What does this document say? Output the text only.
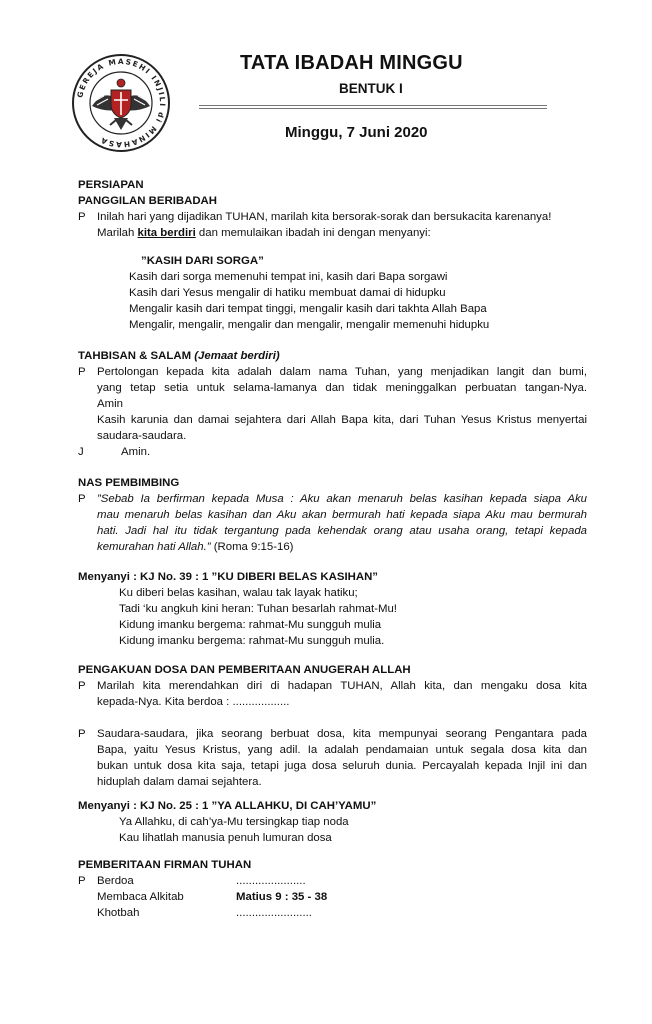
GEREJA MASEHI INJILI di MINAHASA
TATA IBADAH MINGGU
BENTUK I
Minggu, 7 Juni 2020
PERSIAPAN
PANGGILAN BERIBADAH
P Inilah hari yang dijadikan TUHAN, marilah kita bersorak-sorak dan bersukacita karenanya!
Marilah kita berdiri dan memulaikan ibadah ini dengan menyanyi:
”KASIH DARI SORGA”
Kasih dari sorga memenuhi tempat ini, kasih dari Bapa sorgawi
Kasih dari Yesus mengalir di hatiku membuat damai di hidupku
Mengalir kasih dari tempat tinggi, mengalir kasih dari takhta Allah Bapa
Mengalir, mengalir, mengalir dan mengalir, mengalir memenuhi hidupku
TAHBISAN & SALAM (Jemaat berdiri)
P Pertolongan kepada kita adalah dalam nama Tuhan, yang menjadikan langit dan bumi,
yang tetap setia untuk selama-lamanya dan tidak meninggalkan perbuatan tangan-Nya.
Amin
Kasih karunia dan damai sejahtera dari Allah Bapa kita, dari Tuhan Yesus Kristus menyertai
saudara-saudara.
J	Amin.
NAS PEMBIMBING
P ”Sebab Ia berfirman kepada Musa : Aku akan menaruh belas kasihan kepada siapa Aku
mau menaruh belas kasihan dan Aku akan bermurah hati kepada siapa Aku mau bermurah
hati. Jadi hal itu tidak tergantung pada kehendak orang atau usaha orang, tetapi kepada
kemurahan hati Allah.” (Roma 9:15-16)
Menyanyi : KJ No. 39 : 1 ”KU DIBERI BELAS KASIHAN”
Ku diberi belas kasihan, walau tak layak hatiku;
Tadi ‘ku angkuh kini heran: Tuhan besarlah rahmat-Mu!
Kidung imanku bergema: rahmat-Mu sungguh mulia
Kidung imanku bergema: rahmat-Mu sungguh mulia.
PENGAKUAN DOSA DAN PEMBERITAAN ANUGERAH ALLAH
P Marilah kita merendahkan diri di hadapan TUHAN, Allah kita, dan mengaku dosa kita
kepada-Nya. Kita berdoa : ..................
P Saudara-saudara, jika seorang berbuat dosa, kita mempunyai seorang Pengantara pada
Bapa, yaitu Yesus Kristus, yang adil. Ia adalah pendamaian untuk segala dosa kita dan
bukan untuk dosa kita saja, tetapi juga dosa seluruh dunia. Percayalah kepada Injil ini dan
hiduplah dalam damai sejahtera.
Menyanyi : KJ No. 25 : 1 ”YA ALLAHKU, DI CAH’YAMU”
Ya Allahku, di cah’ya-Mu tersingkap tiap noda
Kau lihatlah manusia penuh lumuran dosa
PEMBERITAAN FIRMAN TUHAN
P Berdoa	......................
Membaca Alkitab	Matius 9 : 35 - 38
Khotbah	........................
